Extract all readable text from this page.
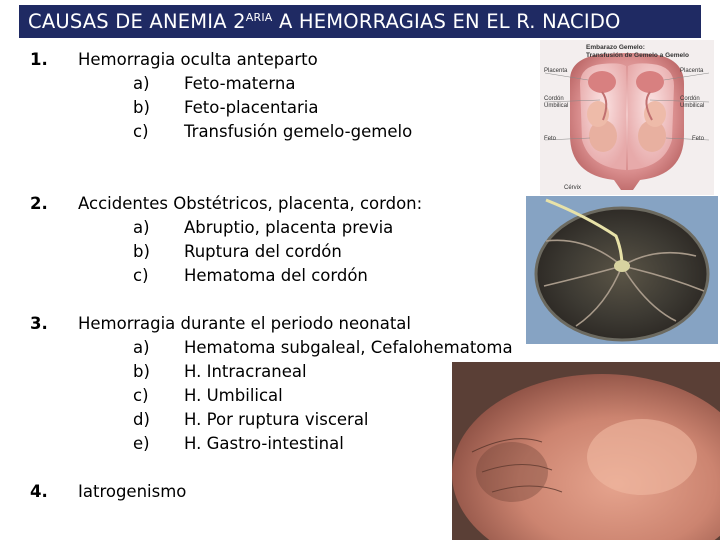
CAUSAS DE ANEMIA $2^{ARIA}$ A HEMORRAGIAS EN EL R. NACIDO
1. Hemorragia oculta anteparto
a) Feto-materna
b) Feto-placentaria
c) Transfusión gemelo-gemelo
2. Accidentes Obstétricos, placenta, cordon:
a) Abruptio, placenta previa
b) Ruptura del cordón
c) Hematoma del cordón
Embarazo Gemelo:
Transfusión de Gemelo a Gemelo
Placenta	Placenta
Cordón Umbilical
Cordón Umbilical
Feto	Feto
Cérvix
3. Hemorragia durante el periodo neonatal
a) Hematoma subgaleal, Cefalohematoma
b) H. Intracraneal
c) H. Umbilical
d) H. Por ruptura visceral
e) H. Gastro-intestinal
4. Iatrogenismo
